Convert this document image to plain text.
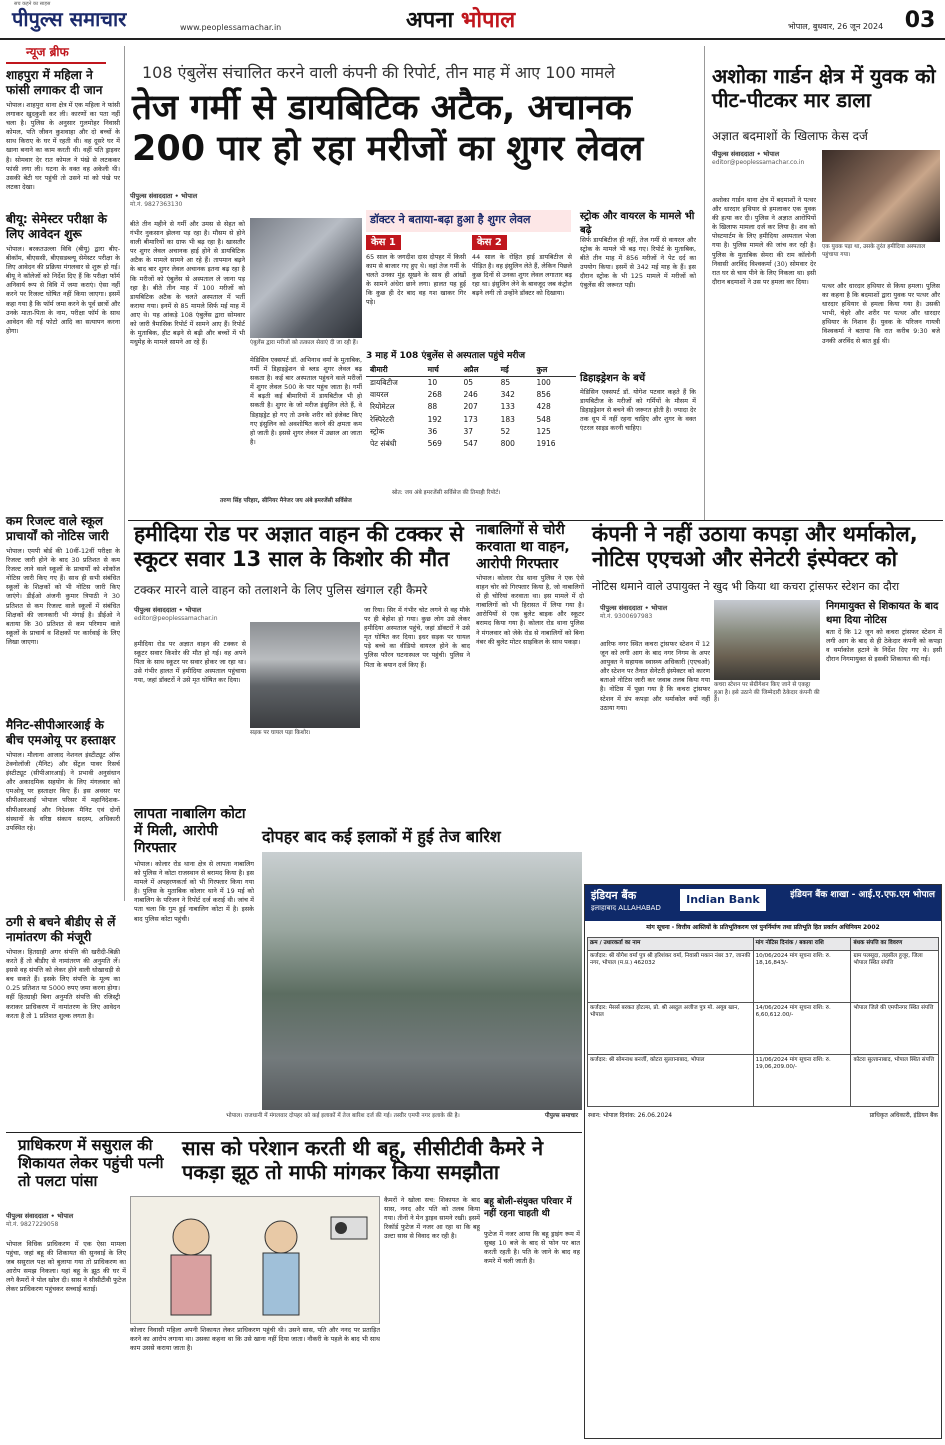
सच कहने का साहस
पीपुल्स समाचार	www.peoplessamachar.in	अपना भोपाल	भोपाल, बुधवार, 26 जून 2024 03
न्यूज ब्रीफ
शाहपुरा में महिला ने फांसी लगाकर दी जान
भोपाल। शाहपुरा थाना क्षेत्र में एक महिला ने फांसी लगाकर खुदकुशी कर ली। कारणों का पता नहीं चला है। पुलिस के अनुसार गुलमोहर निवासी कोमल, पति जीवन कुशवाहा और दो बच्चों के साथ किराए के घर में रहती थी। वह दूसरे घर में खाना बनाने का काम करती थी। वहीं पति ड्राइवर है। सोमवार देर रात कोमल ने पंखे से लटककर फांसी लगा ली। घटना के वक्त वह अकेली थी। उसकी बेटी घर पहुंची तो उसने मां को पंखे पर लटका देखा।
बीयू: सेमेस्टर परीक्षा के लिए आवेदन शुरू
भोपाल। बरकतउल्ला विवि (बीयू) द्वारा बीए-बीकॉम, बीएससी, बीएसडब्ल्यू सेमेस्टर परीक्षा के लिए आवेदन की प्रक्रिया मंगलवार से शुरू हो गई। बीयू ने कॉलेजों को निर्देश दिए हैं कि परीक्षा फॉर्म अनिवार्य रूप से विवि में जमा कराएं। ऐसा नहीं करने पर रिजल्ट घोषित नहीं किया जाएगा। इसमें कहा गया है कि फॉर्म जमा करने के पूर्व छात्रों और उनके माता-पिता के नाम, परीक्षा फॉर्म के साथ आवेदन की गई फोटो आदि का सत्यापन करना होगा।
कम रिजल्ट वाले स्कूल प्राचार्यों को नोटिस जारी
भोपाल। एमपी बोर्ड की 10वीं-12वीं परीक्षा के रिजल्ट जारी होने के बाद 30 प्रतिशत से कम रिजल्ट लाने वाले स्कूलों के प्राचार्यों को शोकॉज नोटिस जारी किए गए हैं। साथ ही सभी संबंधित स्कूलों के शिक्षकों को भी नोटिस जारी किए जाएंगे। डीईओ अंजनी कुमार त्रिपाठी ने 30 प्रतिशत से कम रिजल्ट वाले स्कूलों में संबंधित शिक्षकों की जानकारी भी मंगाई है। डीईओ ने बताया कि 30 प्रतिशत से कम परिणाम वाले स्कूलों के प्राचार्य व शिक्षकों पर कार्रवाई के लिए लिखा जाएगा।
मैनिट-सीपीआरआई के बीच एमओयू पर हस्ताक्षर
भोपाल। मौलाना आजाद नेशनल इंस्टीट्यूट ऑफ टेक्नोलॉजी (मैनिट) और सेंट्रल पावर रिसर्च इंस्टीट्यूट (सीपीआरआई) ने प्रभावी अनुसंधान और अकादमिक सहयोग के लिए मंगलवार को एमओयू पर हस्ताक्षर किए हैं। इस अवसर पर सीपीआरआई भोपाल परिसर में महानिदेशक-सीपीआरआई और निदेशक मैनिट एवं दोनों संस्थानों के वरिष्ठ संकाय सदस्य, अधिकारी उपस्थित रहे।
ठगी से बचने बीडीए से लें नामांतरण की मंजूरी
भोपाल। हितग्राही अगर संपत्ति की खरीदी-बिक्री करते हैं तो बीडीए से नामांतरण की अनुमति लें। इससे वह संपत्ति को लेकर होने वाली धोखाधड़ी से बच सकते हैं। इसके लिए संपत्ति के मूल्य का 0.25 प्रतिशत या 5000 रुपए जमा करना होगा। वहीं हितग्राही बिना अनुमति संपत्ति की रजिस्ट्री कराकर प्राधिकरण में नामांतरण के लिए आवेदन करता है तो 1 प्रतिशत शुल्क लगता है।
108 एंबुलेंस संचालित करने वाली कंपनी की रिपोर्ट, तीन माह में आए 100 मामले
तेज गर्मी से डायबिटिक अटैक, अचानक 200 पार हो रहा मरीजों का शुगर लेवल
पीपुल्स संवाददाता • भोपाल
मो.नं. 9827363130
बीते तीन महीने से गर्मी और उमस से सेहत को गंभीर नुकसान झेलना पड़ रहा है। मौसम से होने वाली बीमारियों का ग्राफ भी बढ़ रहा है। खासतौर पर शुगर लेवल अचानक हाई होने से डायबिटिक अटैक के मामले सामने आ रहे हैं। तापमान बढ़ने के बाद बार शुगर लेवल अचानक इतना बढ़ रहा है कि मरीजों को एंबुलेंस से अस्पताल ले जाना पड़ रहा है। बीते तीन माह में 100 मरीजों को डायबिटिक अटैक के चलते अस्पताल में भर्ती कराया गया। इनमें से 85 मामले सिर्फ मई माह में आए थे। यह आंकड़े 108 एंबुलेंस द्वारा सोमवार को जारी त्रैमासिक रिपोर्ट में सामने आए हैं। रिपोर्ट के मुताबिक, हीट बढ़ने से बढ़ी और बच्चों में भी मधुमेह के मामले सामने आ रहे हैं।	एंबुलेंस द्वारा मरीजों को तत्काल सेवाएं दी जा रही हैं।
मेडिसिन एक्सपर्ट डॉ. अभिनाथ वर्मा के मुताबिक, गर्मी में डिहाइड्रेशन से ब्लड शुगर लेवल बढ़ सकता है। कई बार अस्पताल पहुंचने वाले मरीजों में शुगर लेवल 500 के पार पहुंच जाता है। गर्मी में बढ़ती कई बीमारियों में डायबिटीज भी हो सकती है। शुगर के जो मरीज इंसुलिन लेते हैं, वे डिहाइड्रेट हो गए तो उनके शरीर को इंजेक्ट किए गए इंसुलिन को अवशोषित करने की क्षमता कम हो जाती है। इससे शुगर लेवल में उछाल आ जाता है।
डॉक्टर ने बताया-बढ़ा हुआ है शुगर लेवल
केस 1
65 साल के जगदीश दास दोपहर में किसी काम से बाजार गए हुए थे। वहां तेज गर्मी के चलते उनका मुंह सूखने के साथ ही आंखों के सामने अंधेरा छाने लगा। हालत यह हुई कि कुछ ही देर बाद वह गश खाकर गिर पड़े।
केस 2
44 साल के रोहित हाई डायबिटीज से पीड़ित है। वह इंसुलिन लेते हैं, लेकिन पिछले कुछ दिनों से उनका शुगर लेवल लगातार बढ़ रहा था। इंसुलिन लेने के बावजूद जब कंट्रोल बढ़ने लगी तो उन्होंने डॉक्टर को दिखाया।
3 माह में 108 एंबुलेंस से अस्पताल पहुंचे मरीज
बीमारी	मार्च	अप्रैल	मई	कुल
डायबिटीज	10	05	85	100
वायरल	268	246	342	856
रियोमेटल	88	207	133	428
रेस्पिरेटरी	192	173	183	548
स्ट्रोक	36	37	52	125
पेट संबंधी	569	547	800	1916
स्रोत: जय अंबे इमरजेंसी सर्विसेज की तिमाही रिपोर्ट।
स्ट्रोक और वायरल के मामले भी बढ़े
सिर्फ डायबिटीज ही नहीं, तेज गर्मी से वायरल और स्ट्रोक के मामले भी बढ़ गए। रिपोर्ट के मुताबिक, बीते तीन माह में 856 मरीजों ने पेट दर्द का उपयोग किया। इसमें से 342 मई माह के हैं। इस दौरान स्ट्रोक के भी 125 मामले में मरीजों को एंबुलेंस की जरूरत पड़ी।
डिहाइड्रेशन के बचें
मेडिसिन एक्सपर्ट डॉ. योगेश पटवार कहते हैं कि डायबिटीज के मरीजों को गर्मियों के मौसम में डिहाइड्रेशन से बचने की जरूरत होती है। ज्यादा देर तक धूप में नहीं रहना चाहिए और शुगर के वक्त एंटरल साइड करनी चाहिए।
तरुण सिंह परिहार, सीनियर मैनेजर जय अंबे इमरजेंसी सर्विसेज
अशोका गार्डन क्षेत्र में युवक को पीट-पीटकर मार डाला
अज्ञात बदमाशों के खिलाफ केस दर्ज
पीपुल्स संवाददाता • भोपाल
editor@peoplessamachar.co.in
अशोका गार्डन थाना क्षेत्र में बदमाशों ने पत्थर और धारदार हथियार से हमलाकर एक युवक की हत्या कर दी। पुलिस ने अज्ञात आरोपियों के खिलाफ मामला दर्ज कर लिया है। शव को पोस्टमार्टम के लिए हमीदिया अस्पताल भेजा गया है। पुलिस मामले की जांच कर रही है। पुलिस के मुताबिक सेमरा की राम कॉलोनी निवासी अरविंद विश्वकर्मा (30) सोमवार देर रात घर से चाय पीने के लिए निकला था। इसी दौरान बदमाशों ने उस पर हमला कर दिया।
एक युवक पड़ा था, उसके तुरंत हमीदिया अस्पताल पहुंचाया गया।
पत्थर और धारदार हथियार से किया हमला। पुलिस का कहना है कि बदमाशों द्वारा युवक पर पत्थर और धारदार हथियार से हमला किया गया है। उसकी भाभी, चेहरे और शरीर पर पत्थर और धारदार हथियार के निशान हैं। युवक के परिजन गायत्री विश्वकर्मा ने बताया कि रात करीब 9:30 बजे उनकी अरविंद से बात हुई थी।
हमीदिया रोड पर अज्ञात वाहन की टक्कर से स्कूटर सवार 13 साल के किशोर की मौत
टक्कर मारने वाले वाहन को तलाशने के लिए पुलिस खंगाल रही कैमरे
पीपुल्स संवाददाता • भोपाल
editor@peoplessamachar.in
हमीदिया रोड पर अज्ञात वाहन की टक्कर से स्कूटर सवार किशोर की मौत हो गई। वह अपने पिता के साथ स्कूटर पर सवार होकर जा रहा था। उसे गंभीर हालत में हमीदिया अस्पताल पहुंचाया गया, जहां डॉक्टरों ने उसे मृत घोषित कर दिया।
सड़क पर घायल पड़ा किशोर।
जा रिया। सिर में गंभीर चोट लगने से वह मौके पर ही बेहोश हो गया। कुछ लोग उसे लेकर हमीदिया अस्पताल पहुंचे, जहां डॉक्टरों ने उसे मृत घोषित कर दिया। इधर सड़क पर घायल पड़े बच्चे का वीडियो वायरल होने के बाद पुलिस फौरन घटनास्थल पर पहुंची। पुलिस ने पिता के बयान दर्ज किए हैं।
नाबालिगों से चोरी करवाता था वाहन, आरोपी गिरफ्तार
भोपाल। कोलार रोड थाना पुलिस ने एक ऐसे वाहन चोर को गिरफ्तार किया है, जो नाबालिगों से ही चोरियां करवाता था। इस मामले में दो नाबालिगों को भी हिरासत में लिया गया है। आरोपियों से एक बुलेट बाइक और स्कूटर बरामद किया गया है। कोलार रोड थाना पुलिस ने मंगलवार को जेके रोड से नाबालिगों को बिना नंबर की बुलेट मोटर साइकिल के साथ पकड़ा।
कंपनी ने नहीं उठाया कपड़ा और थर्माकोल, नोटिस एएचओ और सेनेटरी इंस्पेक्टर को
नोटिस थमाने वाले उपायुक्त ने खुद भी किया था कचरा ट्रांसफर स्टेशन का दौरा
पीपुल्स संवाददाता • भोपाल
मो.नं. 9300697983
आरिफ नगर स्थित कचरा ट्रांसफर स्टेशन में 12 जून को लगी आग के बाद नगर निगम के अपर आयुक्त ने सहायक स्वास्थ्य अधिकारी (एएचओ) और स्टेशन पर तैनात सेनेटरी इंस्पेक्टर को कारण बताओ नोटिस जारी कर जवाब तलब किया गया है। नोटिस में पूछा गया है कि कचरा ट्रांसफर स्टेशन में डंप कपड़ा और थर्माकोल क्यों नहीं उठाया गया।
कचरा स्टेशन पर सेग्रीगेशन किए जाने से एकट्ठा हुआ है। इसे उठाने की जिम्मेदारी ठेकेदार कंपनी की है।
निगमायुक्त से शिकायत के बाद थमा दिया नोटिस
बता दें कि 12 जून को कचरा ट्रांसफर स्टेशन में लगी आग के बाद से ही ठेकेदार कंपनी को कपड़ा व थर्माकोल हटाने के निर्देश दिए गए थे। इसी दौरान निगमायुक्त से इसकी शिकायत की गई।
लापता नाबालिग कोटा में मिली, आरोपी गिरफ्तार
भोपाल। कोलार रोड थाना क्षेत्र से लापता नाबालिग को पुलिस ने कोटा राजस्थान से बरामद किया है। इस मामले में अपहरणकर्ता को भी गिरफ्तार किया गया है। पुलिस के मुताबिक कोलार थाने में 19 मई को नाबालिग के परिजन ने रिपोर्ट दर्ज कराई थी। जांच में पता चला कि गुम हुई नाबालिग कोटा में है। इसके बाद पुलिस कोटा पहुंची।
दोपहर बाद कई इलाकों में हुई तेज बारिश
भोपाल। राजधानी में मंगलवार दोपहर को कई इलाकों में तेज बारिश दर्ज की गई। तस्वीर एमपी नगर इलाके की है।	पीपुल्स समाचार
इंडियन बैंक
इलाहाबाद ALLAHABAD
Indian Bank	इंडियन बैंक शाखा - आई.ए.एफ.एम भोपाल
मांग सूचना - वित्तीय आस्तियों के प्रतिभूतिकरण एवं पुनर्निर्माण तथा प्रतिभूति हित प्रवर्तन अधिनियम 2002
क्रम / उधारकर्ता का नाम	मांग नोटिस दिनांक / बकाया राशि	बंधक संपत्ति का विवरण
कर्जदार: श्री योगेश वर्मा पुत्र श्री हरिशंकर वर्मा, निवासी मकान नंबर 37, जानकी नगर, भोपाल (म.प्र.) 462032	10/06/2024 मांग सूचना राशि: रु. 18,16,843/-	ग्राम पलसूदा, तहसील हुजूर, जिला भोपाल स्थित संपत्ति
कर्जदार: मेसर्स बरकत होटल्स, प्रो. श्री अब्दुल अजीज पुत्र मो. अयूब खान, भोपाल	14/06/2024 मांग सूचना राशि: रु. 6,60,612.00/-	भोपाल जिले की एमपीनगर स्थित संपत्ति
कर्जदार: श्री सोमनाथ बनर्जी, कोटरा सुल्तानाबाद, भोपाल	11/06/2024 मांग सूचना राशि: रु. 19,06,209.00/-	कोटरा सुल्तानाबाद, भोपाल स्थित संपत्ति
स्थान: भोपाल दिनांक: 26.06.2024	प्राधिकृत अधिकारी, इंडियन बैंक
प्राधिकरण में ससुराल की शिकायत लेकर पहुंची पत्नी तो पलटा पांसा
पीपुल्स संवाददाता • भोपाल
मो.नं. 9827229058
भोपाल विधिक प्राधिकरण में एक ऐसा मामला पहुंचा, जहां बहू की शिकायत की सुनवाई के लिए जब ससुराल पक्ष को बुलाया गया तो प्राधिकरण का आरोप समझ निकला। यहां बहू के झूठ की घर में लगे कैमरों ने पोल खोल दी। सास ने सीसीटीवी फुटेज लेकर प्राधिकरण पहुंचकर सच्चाई बताई।
सास को परेशान करती थी बहू, सीसीटीवी कैमरे ने पकड़ा झूठ तो माफी मांगकर किया समझौता
कोलार निवासी महिला अपनी शिकायत लेकर प्राधिकरण पहुंची थी। उसने सास, पति और ननद पर प्रताड़ित करने का आरोप लगाया था। उसका कहना था कि उसे खाना नहीं दिया जाता। नौकरी के पहले के बाद भी साथ काम उससे कराया जाता है।
कैमरों ने खोला सच: शिकायत के बाद सास, ननद और पति को तलब किया गया। तीनों ने मेन ड्राइव सामने रखी। इसमें रिकॉर्ड फुटेज में नजर आ रहा था कि बहू उल्टा सास से विवाद कर रही है।
बहू बोली-संयुक्त परिवार में नहीं रहना चाहती थी
फुटेज में नजर आया कि बहू ड्राइंग रूम में सुबह 10 बजे के बाद से फोन पर बात करती रहती है। पति के जाने के बाद वह कमरे में चली जाती है।
